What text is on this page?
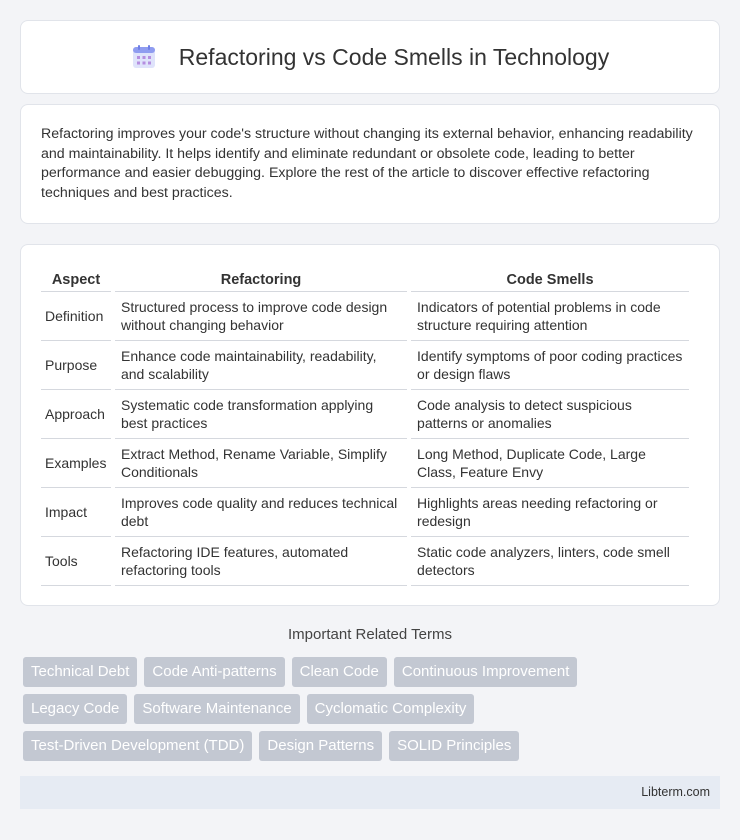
Refactoring vs Code Smells in Technology

Refactoring improves your code's structure without changing its external behavior, enhancing readability and maintainability. It helps identify and eliminate redundant or obsolete code, leading to better performance and easier debugging. Explore the rest of the article to discover effective refactoring techniques and best practices.

Aspect	Refactoring	Code Smells
Definition	Structured process to improve code design without changing behavior	Indicators of potential problems in code structure requiring attention
Purpose	Enhance code maintainability, readability, and scalability	Identify symptoms of poor coding practices or design flaws
Approach	Systematic code transformation applying best practices	Code analysis to detect suspicious patterns or anomalies
Examples	Extract Method, Rename Variable, Simplify Conditionals	Long Method, Duplicate Code, Large Class, Feature Envy
Impact	Improves code quality and reduces technical debt	Highlights areas needing refactoring or redesign
Tools	Refactoring IDE features, automated refactoring tools	Static code analyzers, linters, code smell detectors
Important Related Terms
Technical Debt	Code Anti-patterns	Clean Code	Continuous Improvement
Legacy Code	Software Maintenance	Cyclomatic Complexity
Test-Driven Development (TDD)	Design Patterns	SOLID Principles
Libterm.com
